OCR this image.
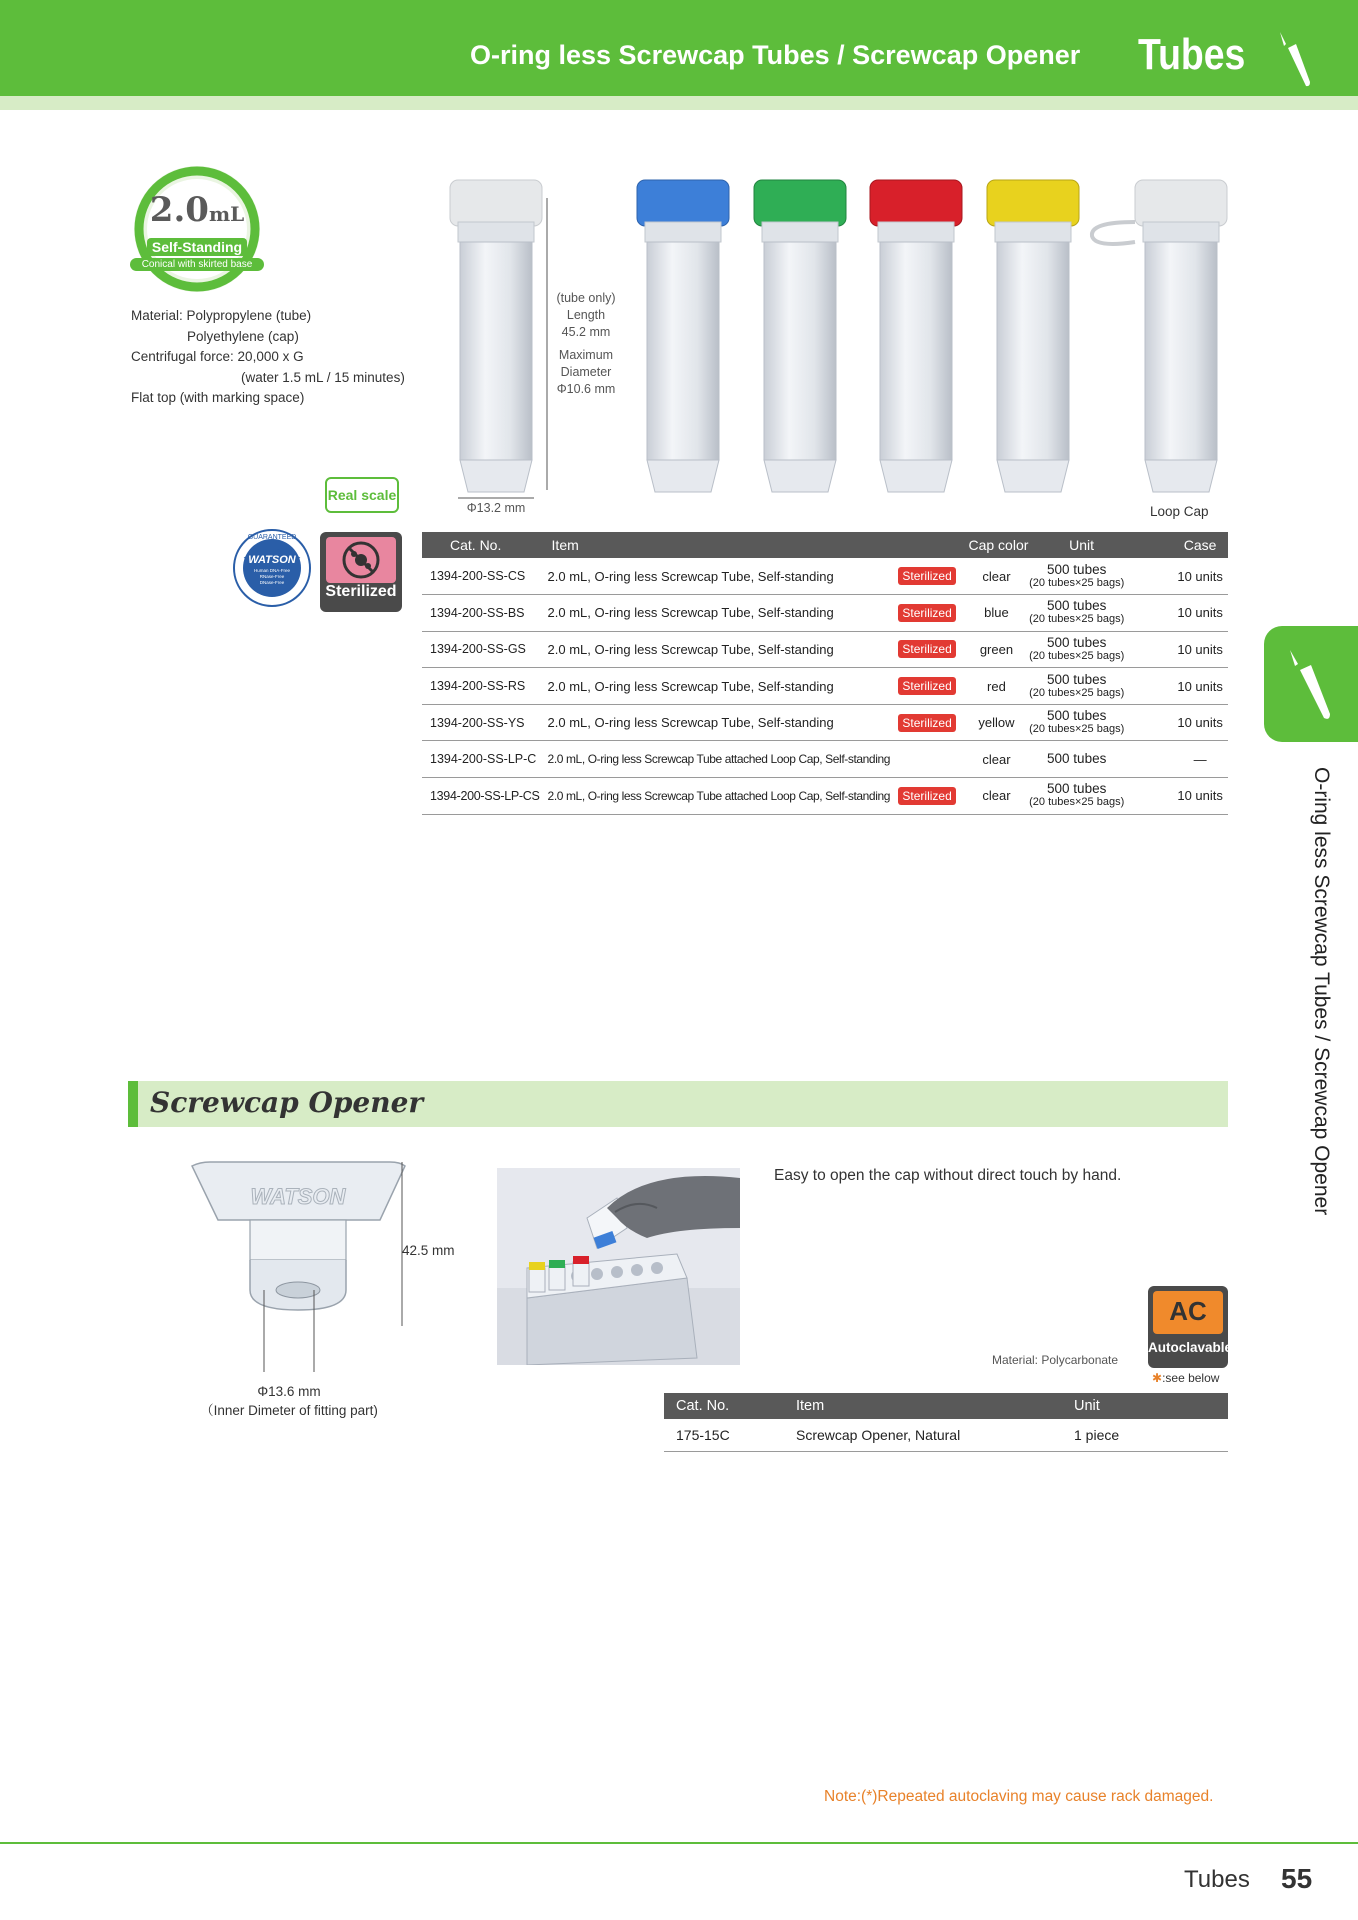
O-ring less Screwcap Tubes / Screwcap Opener Tubes
O-ring less Screwcap Tubes / Screwcap Opener
2.0mL
Self-Standing
Conical with skirted base
Material: Polypropylene (tube)
Polyethylene (cap)
Centrifugal force: 20,000 x G
(water 1.5 mL / 15 minutes)
Flat top (with marking space)
Real scale
GUARANTEED
WATSON
Human DNA-Free
RNase-Free
DNase-Free
Sterilized
(tube only)
Length
45.2 mm
Maximum
Diameter
Φ10.6 mm
Φ13.2 mm	Loop Cap
Cat. No.	Item		Cap color	Unit	Case
1394-200-SS-CS	2.0 mL, O-ring less Screwcap Tube, Self-standing	Sterilized	clear	500 tubes
(20 tubes×25 bags)	10 units
1394-200-SS-BS	2.0 mL, O-ring less Screwcap Tube, Self-standing	Sterilized	blue	500 tubes
(20 tubes×25 bags)	10 units
1394-200-SS-GS	2.0 mL, O-ring less Screwcap Tube, Self-standing	Sterilized	green	500 tubes
(20 tubes×25 bags)	10 units
1394-200-SS-RS	2.0 mL, O-ring less Screwcap Tube, Self-standing	Sterilized	red	500 tubes
(20 tubes×25 bags)	10 units
1394-200-SS-YS	2.0 mL, O-ring less Screwcap Tube, Self-standing	Sterilized	yellow	500 tubes
(20 tubes×25 bags)	10 units
1394-200-SS-LP-C	2.0 mL, O-ring less Screwcap Tube attached Loop Cap, Self-standing		clear	500 tubes	—
1394-200-SS-LP-CS	2.0 mL, O-ring less Screwcap Tube attached Loop Cap, Self-standing	Sterilized	clear	500 tubes
(20 tubes×25 bags)	10 units
Screwcap Opener
WATSON
42.5 mm
Φ13.6 mm
（Inner Dimeter of fitting part)
Easy to open the cap without direct touch by hand.
Material: Polycarbonate
AC
Autoclavable
✱:see below
Cat. No.	Item	Unit
175-15C	Screwcap Opener, Natural	1 piece
Note:(*)Repeated autoclaving may cause rack damaged.
Tubes 55
